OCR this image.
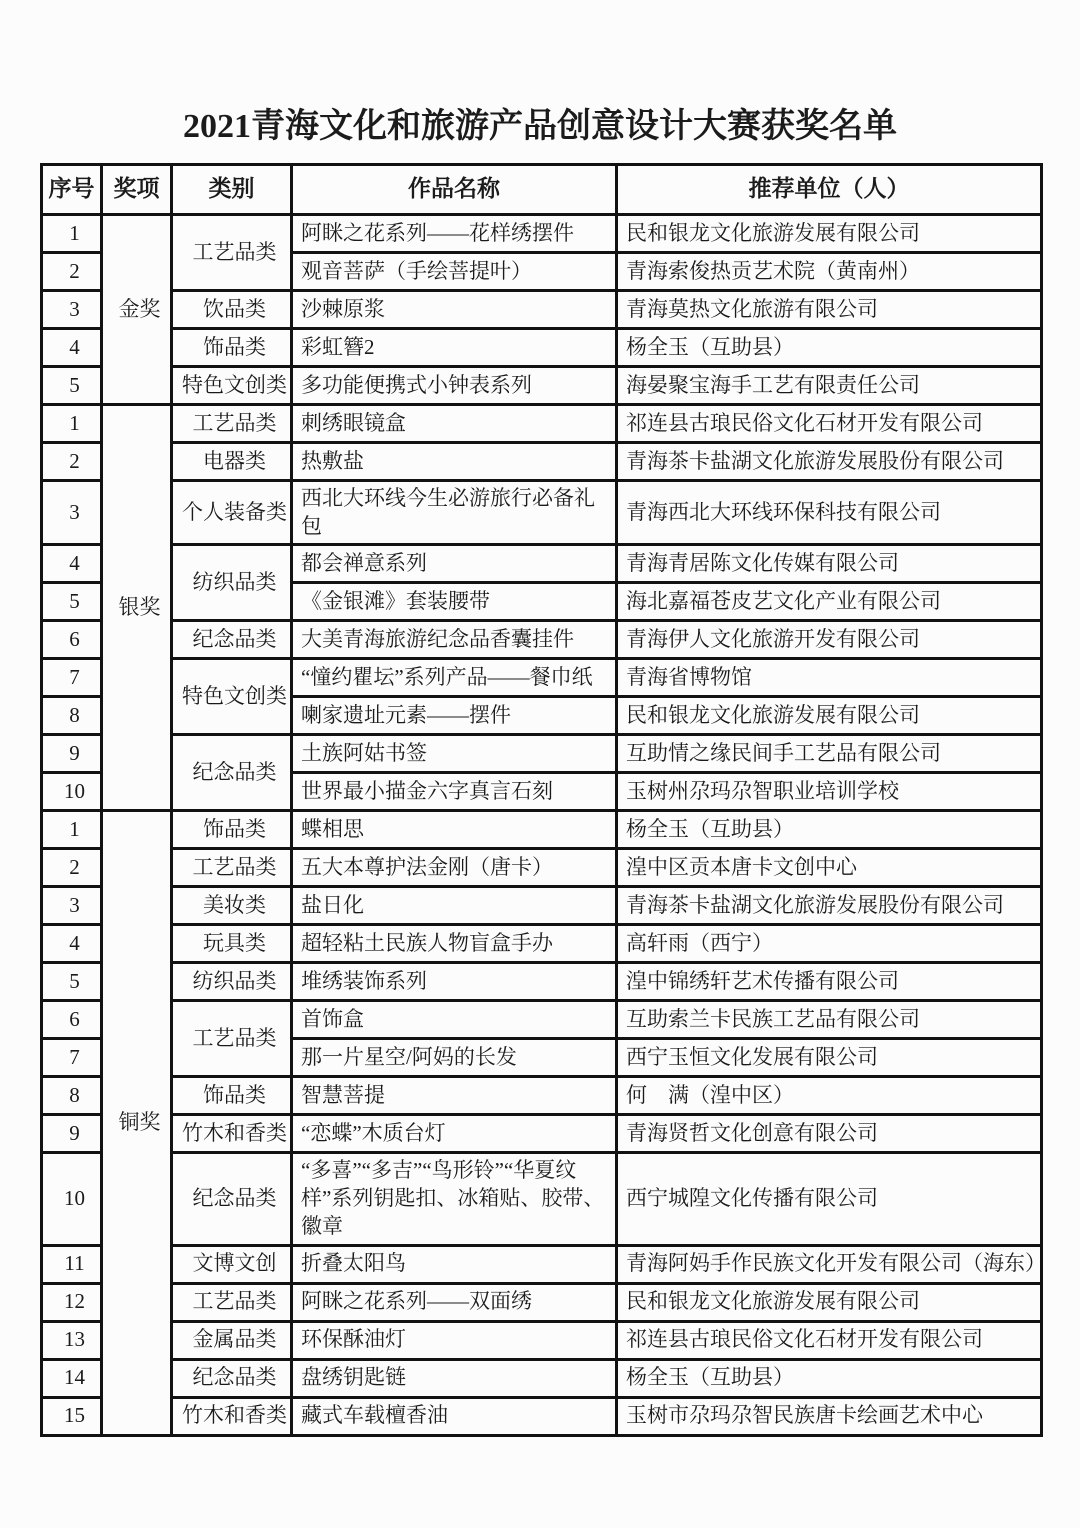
2021青海文化和旅游产品创意设计大赛获奖名单
序号	奖项	类别	作品名称	推荐单位（人）
1	金奖	工艺品类	阿眯之花系列——花样绣摆件	民和银龙文化旅游发展有限公司
2			观音菩萨（手绘菩提叶）	青海索俊热贡艺术院（黄南州）
3		饮品类	沙棘原浆	青海莫热文化旅游有限公司
4		饰品类	彩虹簪2	杨全玉（互助县）
5		特色文创类	多功能便携式小钟表系列	海晏聚宝海手工艺有限责任公司
1	银奖	工艺品类	刺绣眼镜盒	祁连县古琅民俗文化石材开发有限公司
2		电器类	热敷盐	青海茶卡盐湖文化旅游发展股份有限公司
3		个人装备类	西北大环线今生必游旅行必备礼包	青海西北大环线环保科技有限公司
4		纺织品类	都会禅意系列	青海青居陈文化传媒有限公司
5			《金银滩》套装腰带	海北嘉福苍皮艺文化产业有限公司
6		纪念品类	大美青海旅游纪念品香囊挂件	青海伊人文化旅游开发有限公司
7		特色文创类	“憧约瞿坛”系列产品——餐巾纸	青海省博物馆
8			喇家遗址元素——摆件	民和银龙文化旅游发展有限公司
9		纪念品类	土族阿姑书签	互助情之缘民间手工艺品有限公司
10			世界最小描金六字真言石刻	玉树州尕玛尕智职业培训学校
1	铜奖	饰品类	蝶相思	杨全玉（互助县）
2		工艺品类	五大本尊护法金刚（唐卡）	湟中区贡本唐卡文创中心
3		美妆类	盐日化	青海茶卡盐湖文化旅游发展股份有限公司
4		玩具类	超轻粘土民族人物盲盒手办	高轩雨（西宁）
5		纺织品类	堆绣装饰系列	湟中锦绣轩艺术传播有限公司
6		工艺品类	首饰盒	互助索兰卡民族工艺品有限公司
7			那一片星空/阿妈的长发	西宁玉恒文化发展有限公司
8		饰品类	智慧菩提	何　满（湟中区）
9		竹木和香类	“恋蝶”木质台灯	青海贤哲文化创意有限公司
10		纪念品类	“多喜”“多吉”“鸟形铃”“华夏纹样”系列钥匙扣、冰箱贴、胶带、徽章	西宁城隍文化传播有限公司
11		文博文创	折叠太阳鸟	青海阿妈手作民族文化开发有限公司（海东）
12		工艺品类	阿眯之花系列——双面绣	民和银龙文化旅游发展有限公司
13		金属品类	环保酥油灯	祁连县古琅民俗文化石材开发有限公司
14		纪念品类	盘绣钥匙链	杨全玉（互助县）
15		竹木和香类	藏式车载檀香油	玉树市尕玛尕智民族唐卡绘画艺术中心
